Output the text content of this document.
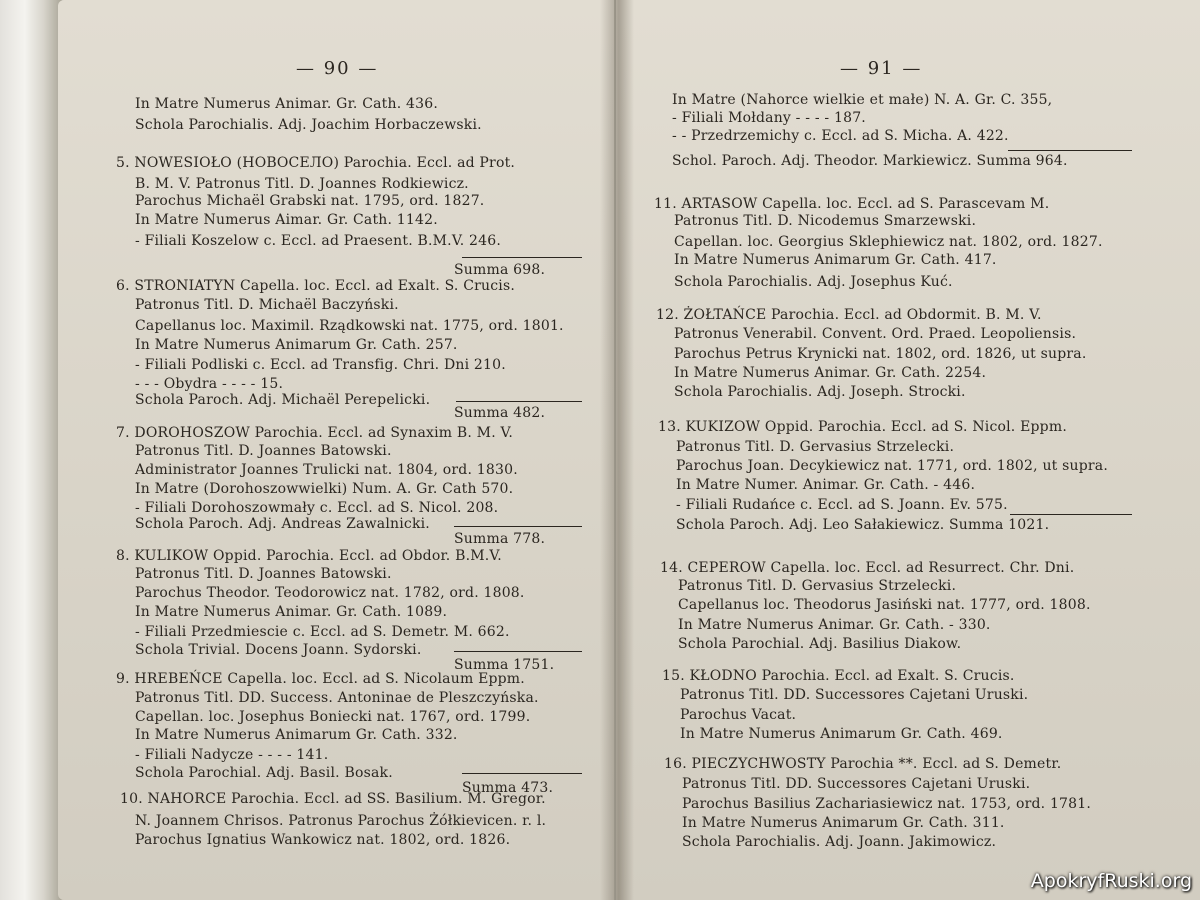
— 90 —
In Matre Numerus Animar. Gr. Cath. 436.
Schola Parochialis. Adj. Joachim Horbaczewski.
5. NOWESIOŁO (НОВОСЕЛО) Parochia. Eccl. ad Prot.
B. M. V. Patronus Titl. D. Joannes Rodkiewicz.
Parochus Michaël Grabski nat. 1795, ord. 1827.
In Matre Numerus Aimar. Gr. Cath. 1142.
- Filiali Koszelow c. Eccl. ad Praesent. B.M.V. 246.
Summa 698.
6. STRONIATYN Capella. loc. Eccl. ad Exalt. S. Crucis.
Patronus Titl. D. Michaël Baczyński.
Capellanus loc. Maximil. Rządkowski nat. 1775, ord. 1801.
In Matre Numerus Animarum Gr. Cath. 257.
- Filiali Podliski c. Eccl. ad Transfig. Chri. Dni 210.
- - - Obydra - - - - 15.
Schola Paroch. Adj. Michaël Perepelicki.
Summa 482.
7. DOROHOSZOW Parochia. Eccl. ad Synaxim B. M. V.
Patronus Titl. D. Joannes Batowski.
Administrator Joannes Trulicki nat. 1804, ord. 1830.
In Matre (Dorohoszowwielki) Num. A. Gr. Cath 570.
- Filiali Dorohoszowmały c. Eccl. ad S. Nicol. 208.
Schola Paroch. Adj. Andreas Zawalnicki.
Summa 778.
8. KULIKOW Oppid. Parochia. Eccl. ad Obdor. B.M.V.
Patronus Titl. D. Joannes Batowski.
Parochus Theodor. Teodorowicz nat. 1782, ord. 1808.
In Matre Numerus Animar. Gr. Cath. 1089.
- Filiali Przedmiescie c. Eccl. ad S. Demetr. M. 662.
Schola Trivial. Docens Joann. Sydorski.
Summa 1751.
9. HREBEŃCE Capella. loc. Eccl. ad S. Nicolaum Eppm.
Patronus Titl. DD. Success. Antoninae de Pleszczyńska.
Capellan. loc. Josephus Boniecki nat. 1767, ord. 1799.
In Matre Numerus Animarum Gr. Cath. 332.
- Filiali Nadycze - - - - 141.
Schola Parochial. Adj. Basil. Bosak.
Summa 473.
10. NAHORCE Parochia. Eccl. ad SS. Basilium. M. Gregor.
N. Joannem Chrisos. Patronus Parochus Żółkievicen. r. l.
Parochus Ignatius Wankowicz nat. 1802, ord. 1826.
— 91 —
In Matre (Nahorce wielkie et małe) N. A. Gr. C. 355,
- Filiali Mołdany - - - - 187.
- - Przedrzemichy c. Eccl. ad S. Micha. A. 422.
Schol. Paroch. Adj. Theodor. Markiewicz. Summa 964.
11. ARTASOW Capella. loc. Eccl. ad S. Parascevam M.
Patronus Titl. D. Nicodemus Smarzewski.
Capellan. loc. Georgius Sklephiewicz nat. 1802, ord. 1827.
In Matre Numerus Animarum Gr. Cath. 417.
Schola Parochialis. Adj. Josephus Kuć.
12. ŻOŁTAŃCE Parochia. Eccl. ad Obdormit. B. M. V.
Patronus Venerabil. Convent. Ord. Praed. Leopoliensis.
Parochus Petrus Krynicki nat. 1802, ord. 1826, ut supra.
In Matre Numerus Animar. Gr. Cath. 2254.
Schola Parochialis. Adj. Joseph. Strocki.
13. KUKIZOW Oppid. Parochia. Eccl. ad S. Nicol. Eppm.
Patronus Titl. D. Gervasius Strzelecki.
Parochus Joan. Decykiewicz nat. 1771, ord. 1802, ut supra.
In Matre Numer. Animar. Gr. Cath. - 446.
- Filiali Rudańce c. Eccl. ad S. Joann. Ev. 575.
Schola Paroch. Adj. Leo Sałakiewicz. Summa 1021.
14. CEPEROW Capella. loc. Eccl. ad Resurrect. Chr. Dni.
Patronus Titl. D. Gervasius Strzelecki.
Capellanus loc. Theodorus Jasiński nat. 1777, ord. 1808.
In Matre Numerus Animar. Gr. Cath. - 330.
Schola Parochial. Adj. Basilius Diakow.
15. KŁODNO Parochia. Eccl. ad Exalt. S. Crucis.
Patronus Titl. DD. Successores Cajetani Uruski.
Parochus Vacat.
In Matre Numerus Animarum Gr. Cath. 469.
16. PIECZYCHWOSTY Parochia **. Eccl. ad S. Demetr.
Patronus Titl. DD. Successores Cajetani Uruski.
Parochus Basilius Zachariasiewicz nat. 1753, ord. 1781.
In Matre Numerus Animarum Gr. Cath. 311.
Schola Parochialis. Adj. Joann. Jakimowicz.
ApokryfRuski.org
